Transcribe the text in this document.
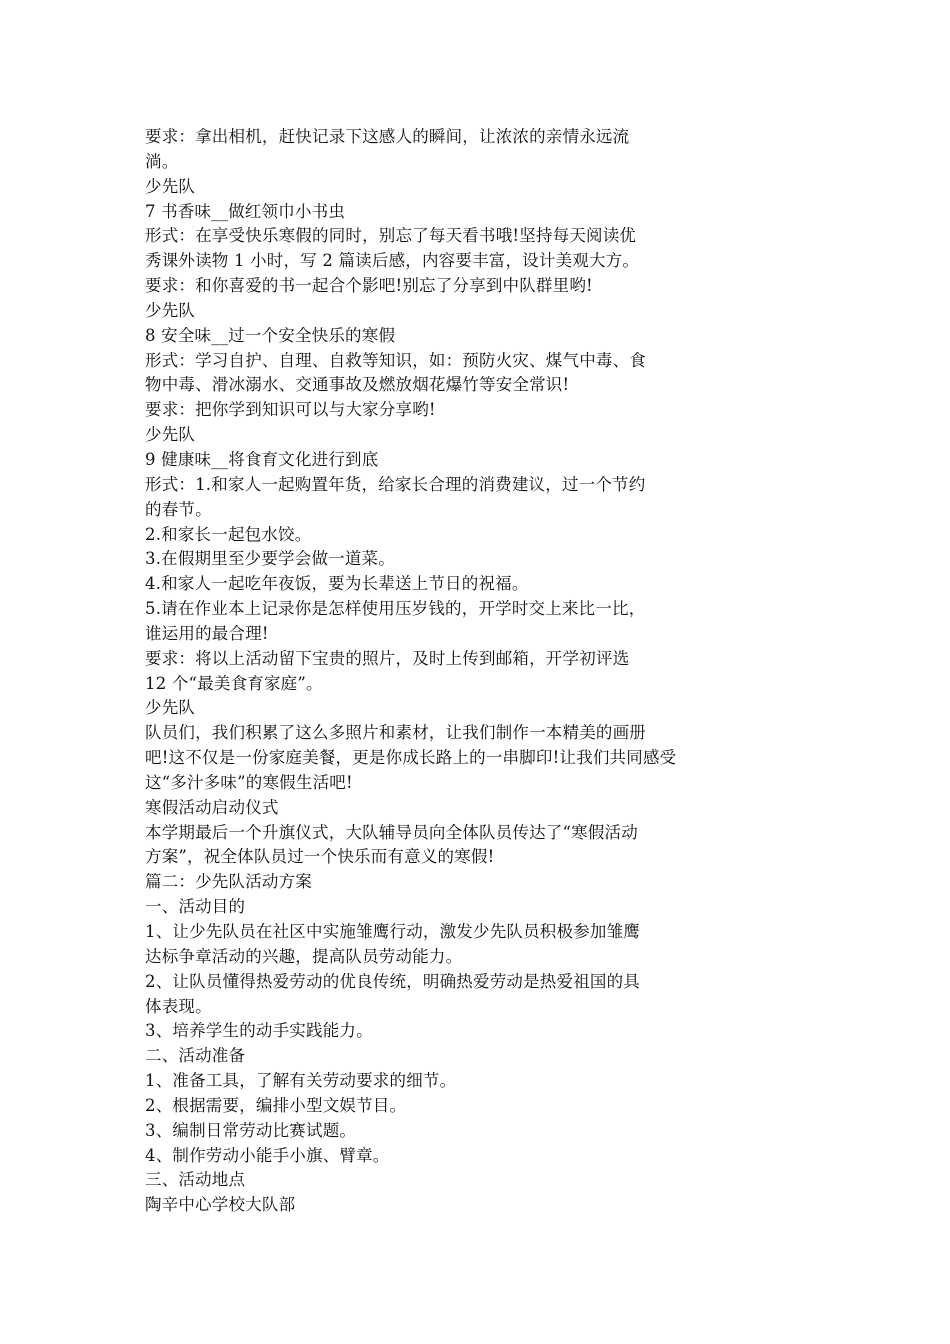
要求：拿出相机，赶快记录下这感人的瞬间，让浓浓的亲情永远流
淌。
少先队
7 书香味__做红领巾小书虫
形式：在享受快乐寒假的同时，别忘了每天看书哦!坚持每天阅读优
秀课外读物 1 小时，写 2 篇读后感，内容要丰富，设计美观大方。
要求：和你喜爱的书一起合个影吧!别忘了分享到中队群里哟!
少先队
8 安全味__过一个安全快乐的寒假
形式：学习自护、自理、自救等知识，如：预防火灾、煤气中毒、食
物中毒、滑冰溺水、交通事故及燃放烟花爆竹等安全常识!
要求：把你学到知识可以与大家分享哟!
少先队
9 健康味__将食育文化进行到底
形式：1.和家人一起购置年货，给家长合理的消费建议，过一个节约
的春节。
2.和家长一起包水饺。
3.在假期里至少要学会做一道菜。
4.和家人一起吃年夜饭，要为长辈送上节日的祝福。
5.请在作业本上记录你是怎样使用压岁钱的，开学时交上来比一比，
谁运用的最合理!
要求：将以上活动留下宝贵的照片，及时上传到邮箱，开学初评选
12 个“最美食育家庭”。
少先队
队员们，我们积累了这么多照片和素材，让我们制作一本精美的画册
吧!这不仅是一份家庭美餐，更是你成长路上的一串脚印!让我们共同感受
这“多汁多味”的寒假生活吧!
寒假活动启动仪式
本学期最后一个升旗仪式，大队辅导员向全体队员传达了“寒假活动
方案”，祝全体队员过一个快乐而有意义的寒假!
篇二：少先队活动方案
一、活动目的
1、让少先队员在社区中实施雏鹰行动，激发少先队员积极参加雏鹰
达标争章活动的兴趣，提高队员劳动能力。
2、让队员懂得热爱劳动的优良传统，明确热爱劳动是热爱祖国的具
体表现。
3、培养学生的动手实践能力。
二、活动准备
1、准备工具，了解有关劳动要求的细节。
2、根据需要，编排小型文娱节目。
3、编制日常劳动比赛试题。
4、制作劳动小能手小旗、臂章。
三、活动地点
陶辛中心学校大队部
